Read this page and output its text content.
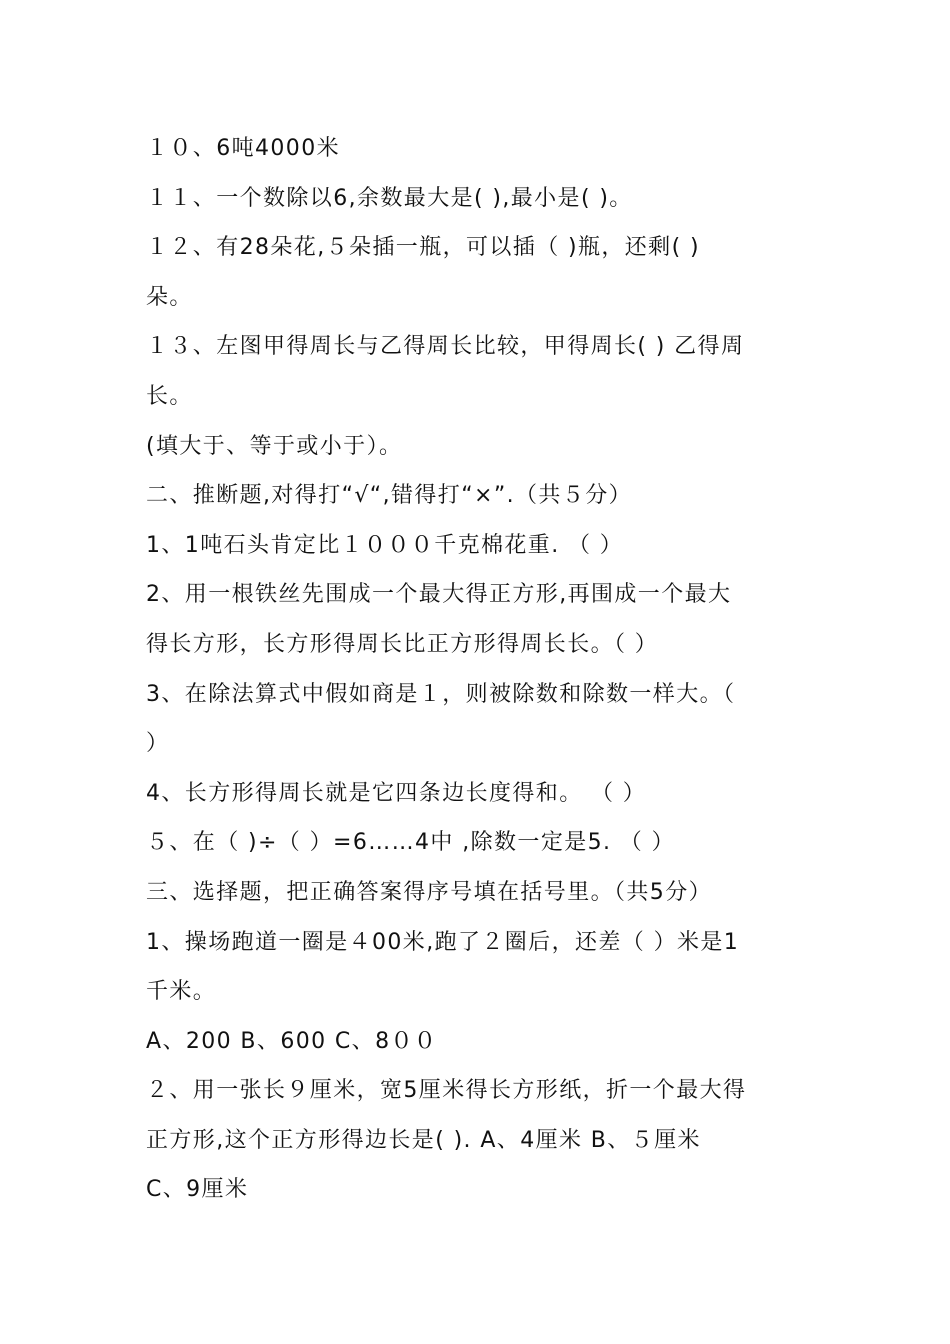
１０、6吨4000米
１１、一个数除以6,余数最大是( ),最小是( )。
１２、有28朵花,５朵插一瓶，可以插（ )瓶，还剩( )
朵。
１３、左图甲得周长与乙得周长比较，甲得周长( ) 乙得周
长。
(填大于、等于或小于）。
二、推断题,对得打“√“,错得打“×”.（共５分）
1、1吨石头肯定比１０００千克棉花重. （ ）
2、用一根铁丝先围成一个最大得正方形,再围成一个最大
得长方形，长方形得周长比正方形得周长长。（ ）
3、在除法算式中假如商是１，则被除数和除数一样大。（
）
4、长方形得周长就是它四条边长度得和。 （ ）
５、在（ )÷（ ）=6……4中 ,除数一定是5. （ ）
三、选择题，把正确答案得序号填在括号里。（共5分）
1、操场跑道一圈是４00米,跑了２圈后，还差（ ）米是1
千米。
A、200 B、600 C、8００
２、用一张长９厘米，宽5厘米得长方形纸，折一个最大得
正方形,这个正方形得边长是( ). A、4厘米 B、５厘米
C、9厘米
